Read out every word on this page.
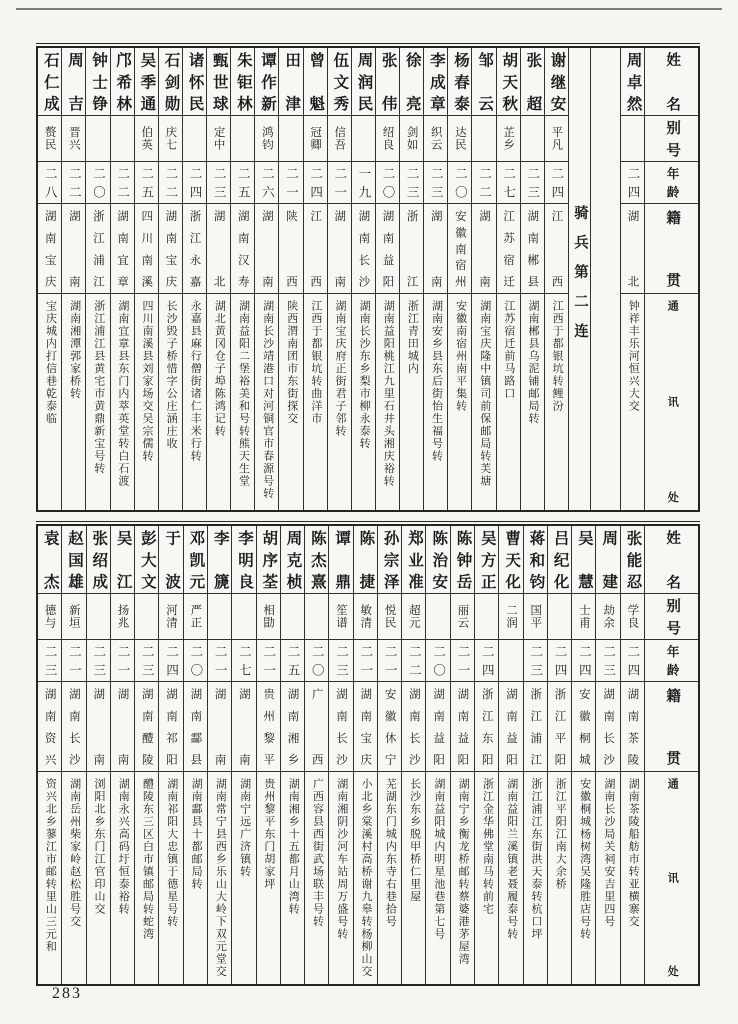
姓名
别号
年龄
籍贯
通讯处
周卓然
二四
湖北
钟祥丰乐河恒兴大交
骑兵第二连
谢继安
平凡
二四
江西
江西于都银坑转鲤汾
张超
二三
湖南郴县
湖南郴县乌泥铺邮局转
胡天秋
芷乡
二七
江苏宿迁
江苏宿迁前马路口
邹云
二二
湖南
湖南宝庆隆中镇司前保邮局转芙塘
杨春泰
达民
二〇
安徽南宿州
安徽南宿州南平集转
李成章
织云
二三
湖南
湖南安乡县东后街怡生福号转
徐亮
剑如
二三
浙江
浙江青田城内
张伟
绍良
二〇
湖南益阳
湖南益阳桃江九里石井头湘庆裕转
周润民
一九
湖南长沙
湖南长沙东乡梨市柳永泰转
伍文秀
信吾
二一
湖南
湖南宝庆府正街君子邻转
曾魁
冠卿
二四
江西
江西于都银坑转曲洋市
田津
二一
陕西
陕西渭南团市东街探交
谭作新
鸿钧
二六
湖南
湖南长沙靖港口对河铜官市春源号转
朱钜林
二五
湖南汉寿
湖南益阳二堡裕美和号转熊天生堂
甄世球
定中
二三
湖北
湖北黄冈仓子埠陈鸿记转
诸怀民
二四
浙江永嘉
永嘉县麻行僧街诸仁丰米行转
石剑勋
庆七
二二
湖南宝庆
长沙毁子桥惜字公庄涵庄收
吴季通
伯英
二五
四川南溪
四川南溪县刘家场交吴宗儒转
邝希林
二二
湖南宜章
湖南宜章县东门内萃英堂转白石渡
钟士铮
二〇
浙江浦江
浙江浦江县黄宅市黄鼎新宝号转
周吉
晋兴
二二
湖南
湖南湘潭郭家桥转
石仁成
赘民
二八
湖南宝庆
宝庆城内打信巷乾泰临
姓名
别号
年龄
籍贯
通讯处
张能忍
学良
二四
湖南茶陵
湖南茶陵船舫市转亚横寨交
周建
劫余
二三
湖南长沙
湖南长沙局关祠安吉里四号
吴慧
士甫
二四
安徽桐城
安徽桐城杨树湾吴隆胜店号转
吕纪化
二四
浙江平阳
浙江平阳江南大余桥
蒋和钧
国平
二三
浙江浦江
浙江浦江东街洪天泰转杭口坪
曹天化
二润
湖南益阳
湖南益阳兰溪镇老聂履泰号转
吴方正
二四
浙江东阳
浙江金华佛堂南马转前宅
陈钟岳
丽云
二一
湖南益阳
湖南宁乡衡龙桥邮转蔡婆港茅屋湾
陈治安
二〇
湖南益阳
湖南益阳城内明星池巷第七号
郑业准
超元
二二
湖南长沙
长沙东乡脱甲桥仁里屋
孙宗泽
悦民
二一
安徽休宁
芜湖东门城内东寺右巷拾号
陈捷
敏清
二一
湖南宝庆
小北乡棠溪村高桥谢九皋转杨柳山交
谭鼎
笙谱
二三
湖南长沙
湖南湘阴沙河车站周万盛号转
陈杰熹
二〇
广西
广西容县西街武场联丰号转
周克桢
二五
湖南湘乡
湖南湘乡十五都月山湾转
胡序荃
相勖
二一
贵州黎平
贵州黎平东门胡家坪
李明良
二七
湖南
湖南宁远广济镇转
李篪
二一
湖南
湖南常宁县西乡乐山大岭下双元堂交
邓凯元
严正
二〇
湖南酃县
湖南酃县十都邮局转
于波
河清
二四
湖南祁阳
湖南祁阳大忠镇于德星号转
彭大文
二三
湖南醴陵
醴陵东三区白市镇邮局转蛇湾
吴江
扬兆
二一
湖南
湖南永兴高码圩恒泰裕转
张绍成
二三
湖南
浏阳北乡东门江官印山交
赵国雄
新垣
二一
湖南长沙
湖南岳州柴家岭赵松胜号交
袁杰
德与
二三
湖南资兴
资兴北乡蓼江市邮转里山三元和
283
